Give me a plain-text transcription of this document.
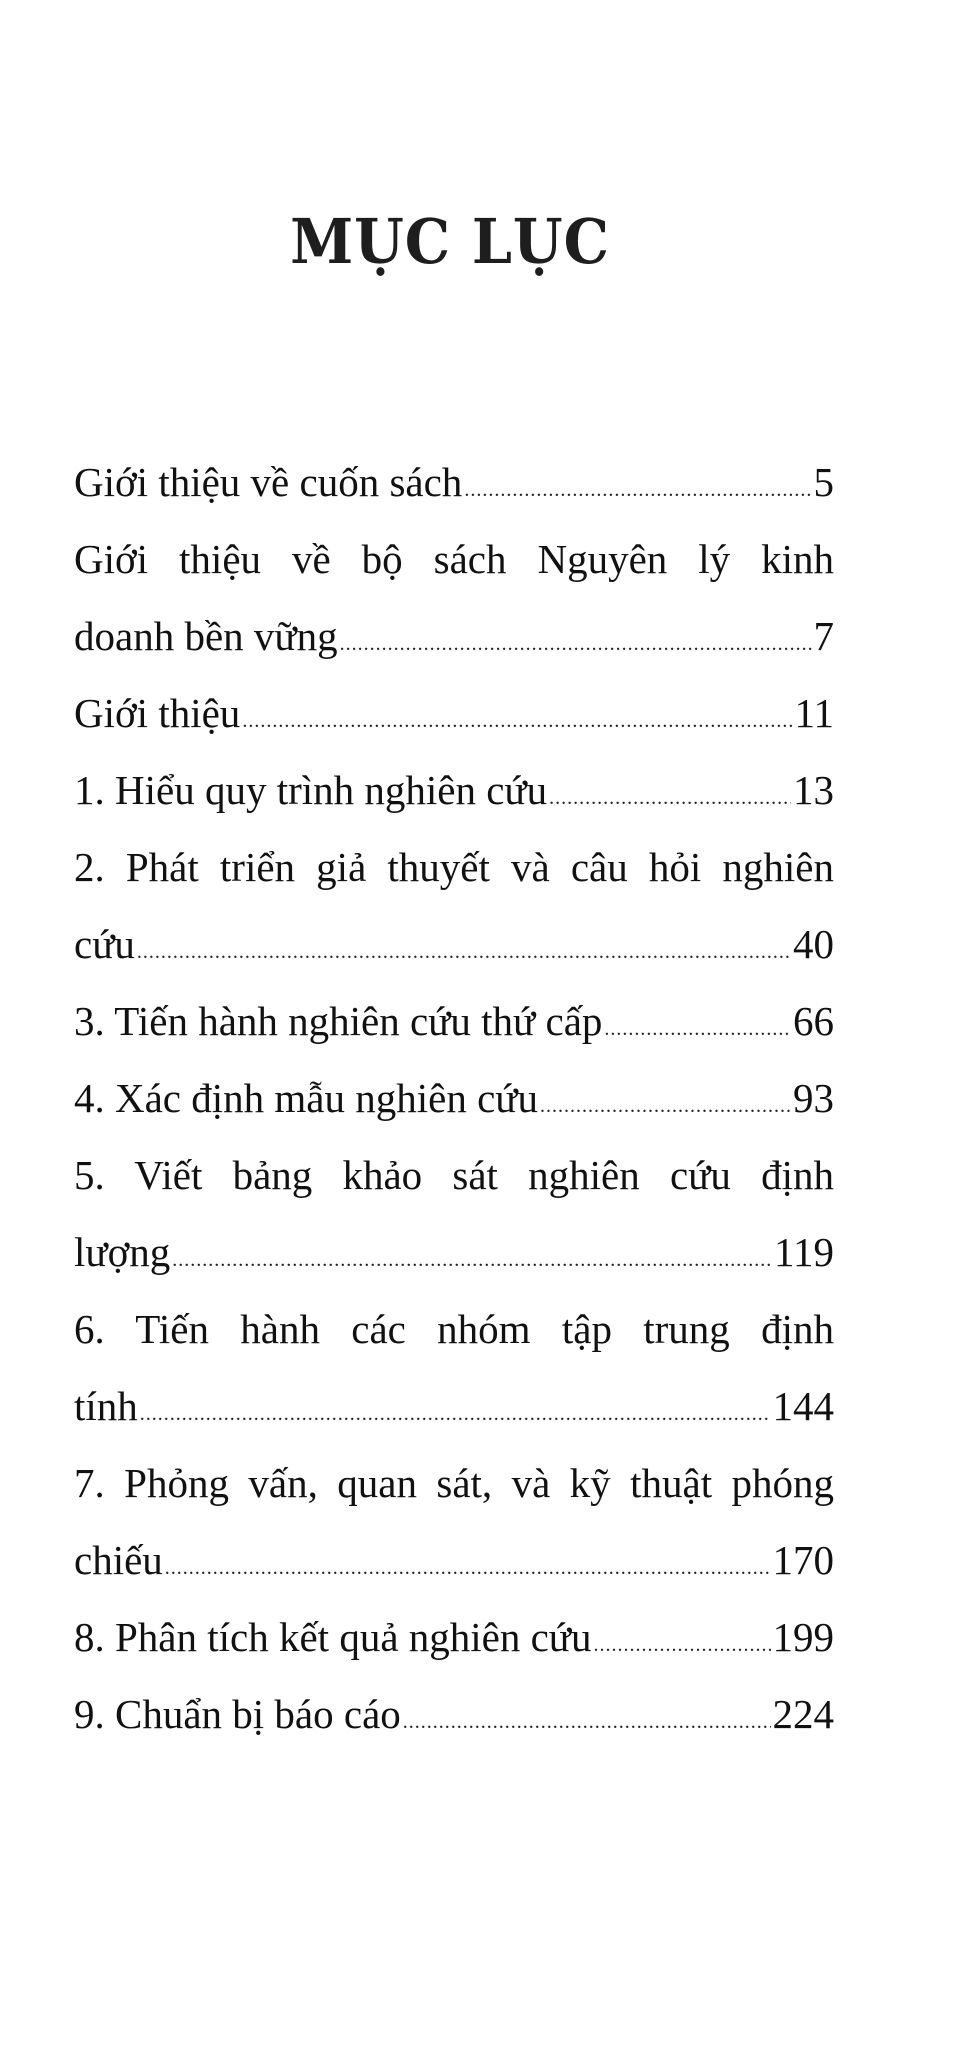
MỤC LỤC
Giới thiệu về cuốn sách .....	5
Giới thiệu về bộ sách Nguyên lý kinh
doanh bền vững .....	7
Giới thiệu .....	11
1. Hiểu quy trình nghiên cứu .....	13
2. Phát triển giả thuyết và câu hỏi nghiên
cứu .....	40
3. Tiến hành nghiên cứu thứ cấp .....	66
4. Xác định mẫu nghiên cứu .....	93
5. Viết bảng khảo sát nghiên cứu định
lượng .....	119
6. Tiến hành các nhóm tập trung định
tính .....	144
7. Phỏng vấn, quan sát, và kỹ thuật phóng
chiếu .....	170
8. Phân tích kết quả nghiên cứu .....	199
9. Chuẩn bị báo cáo .....	224
